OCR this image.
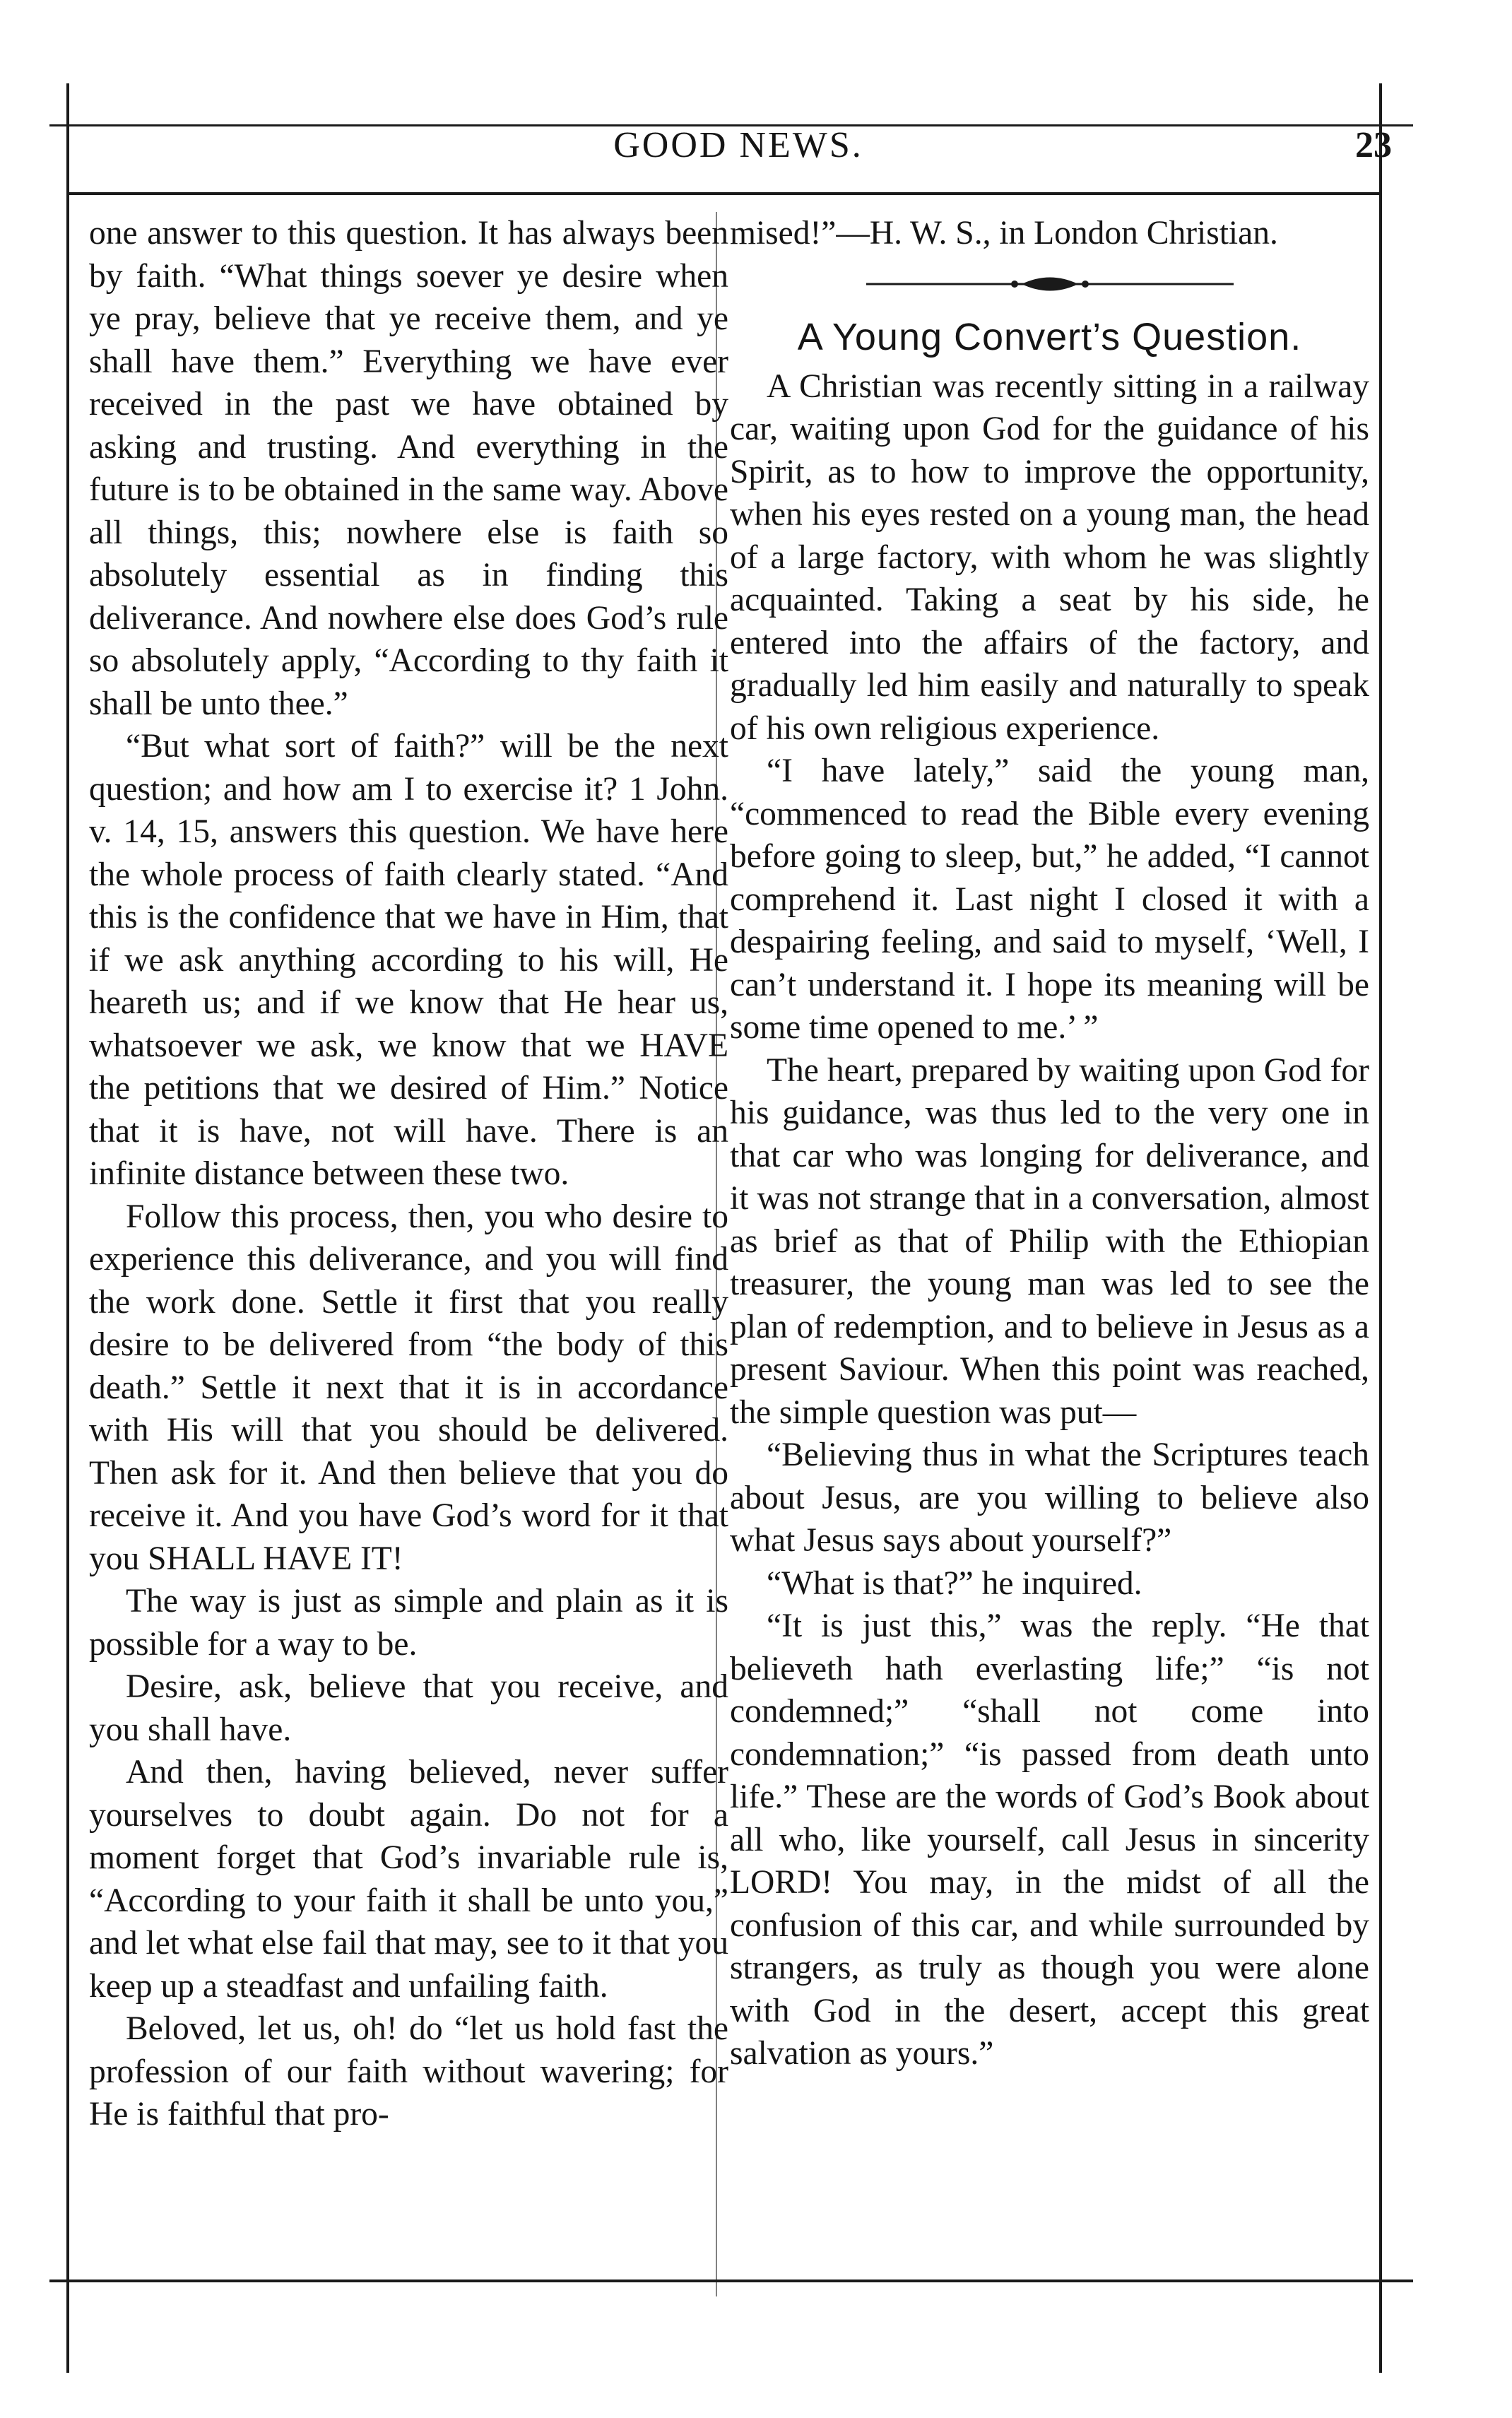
GOOD NEWS.	23

one answer to this question. It has always been by faith. “What things soever ye desire when ye pray, believe that ye receive them, and ye shall have them.” Everything we have ever received in the past we have obtained by asking and trusting. And everything in the future is to be obtained in the same way. Above all things, this; nowhere else is faith so absolutely essential as in finding this deliverance. And nowhere else does God’s rule so absolutely apply, “According to thy faith it shall be unto thee.”

“But what sort of faith?” will be the next question; and how am I to exercise it? 1 John. v. 14, 15, answers this question. We have here the whole process of faith clearly stated. “And this is the confidence that we have in Him, that if we ask anything according to his will, He heareth us; and if we know that He hear us, whatsoever we ask, we know that we HAVE the petitions that we desired of Him.” Notice that it is have, not will have. There is an infinite distance between these two.

Follow this process, then, you who desire to experience this deliverance, and you will find the work done. Settle it first that you really desire to be delivered from “the body of this death.” Settle it next that it is in accordance with His will that you should be delivered. Then ask for it. And then believe that you do receive it. And you have God’s word for it that you SHALL HAVE IT!

The way is just as simple and plain as it is possible for a way to be.

Desire, ask, believe that you receive, and you shall have.

And then, having believed, never suffer yourselves to doubt again. Do not for a moment forget that God’s invariable rule is, “According to your faith it shall be unto you,” and let what else fail that may, see to it that you keep up a steadfast and unfailing faith.

Beloved, let us, oh! do “let us hold fast the profession of our faith without wavering; for He is faithful that pro-

mised!”—H. W. S., in London Christian.

A Young Convert’s Question.

A Christian was recently sitting in a railway car, waiting upon God for the guidance of his Spirit, as to how to improve the opportunity, when his eyes rested on a young man, the head of a large factory, with whom he was slightly acquainted. Taking a seat by his side, he entered into the affairs of the factory, and gradually led him easily and naturally to speak of his own religious experience.

“I have lately,” said the young man, “commenced to read the Bible every evening before going to sleep, but,” he added, “I cannot comprehend it. Last night I closed it with a despairing feeling, and said to myself, ‘Well, I can’t understand it. I hope its meaning will be some time opened to me.’ ”

The heart, prepared by waiting upon God for his guidance, was thus led to the very one in that car who was longing for deliverance, and it was not strange that in a conversation, almost as brief as that of Philip with the Ethiopian treasurer, the young man was led to see the plan of redemption, and to believe in Jesus as a present Saviour. When this point was reached, the simple question was put—

“Believing thus in what the Scriptures teach about Jesus, are you willing to believe also what Jesus says about yourself?”

“What is that?” he inquired.

“It is just this,” was the reply. “He that believeth hath everlasting life;” “is not condemned;” “shall not come into condemnation;” “is passed from death unto life.” These are the words of God’s Book about all who, like yourself, call Jesus in sincerity LORD! You may, in the midst of all the confusion of this car, and while surrounded by strangers, as truly as though you were alone with God in the desert, accept this great salvation as yours.”
